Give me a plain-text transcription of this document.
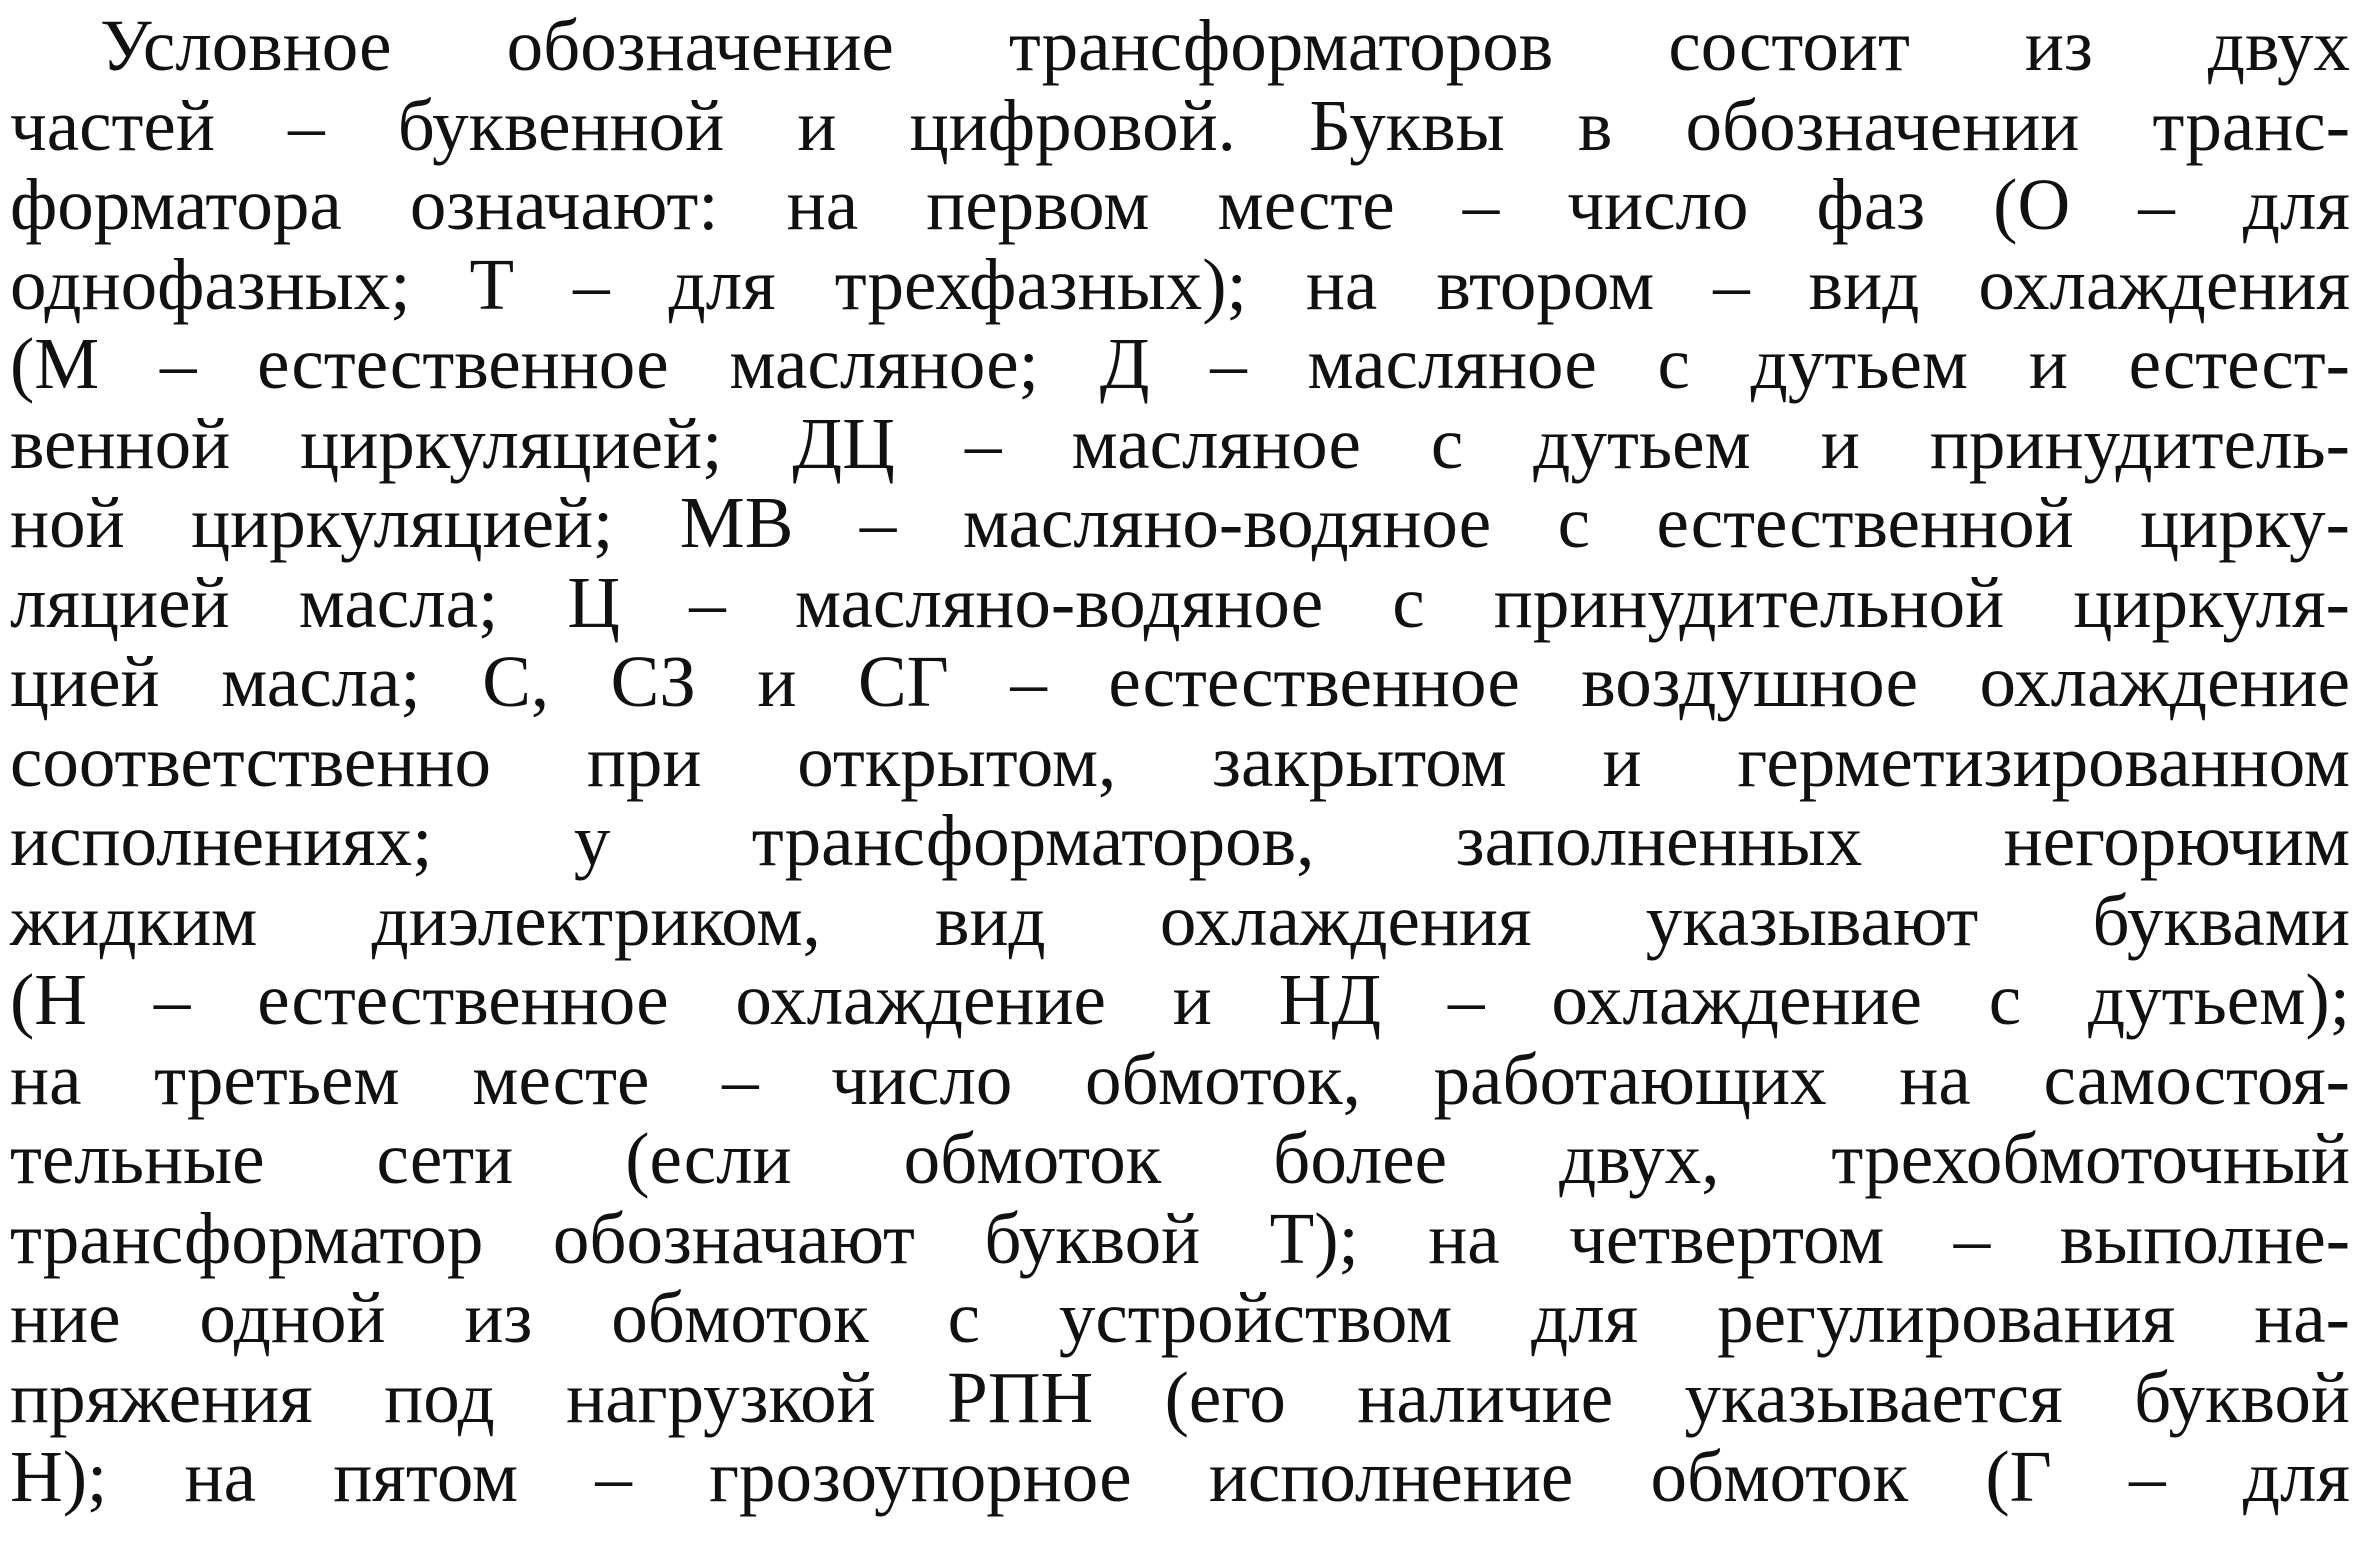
Условное обозначение трансформаторов состоит из двух
частей – буквенной и цифровой. Буквы в обозначении транс-
форматора означают: на первом месте – число фаз (О – для
однофазных; Т – для трехфазных); на втором – вид охлаждения
(М – естественное масляное; Д – масляное с дутьем и естест-
венной циркуляцией; ДЦ – масляное с дутьем и принудитель-
ной циркуляцией; МВ – масляно-водяное с естественной цирку-
ляцией масла; Ц – масляно-водяное с принудительной циркуля-
цией масла; С, СЗ и СГ – естественное воздушное охлаждение
соответственно при открытом, закрытом и герметизированном
исполнениях; у трансформаторов, заполненных негорючим
жидким диэлектриком, вид охлаждения указывают буквами
(Н – естественное охлаждение и НД – охлаждение с дутьем);
на третьем месте – число обмоток, работающих на самостоя-
тельные сети (если обмоток более двух, трехобмоточный
трансформатор обозначают буквой Т); на четвертом – выполне-
ние одной из обмоток с устройством для регулирования на-
пряжения под нагрузкой РПН (его наличие указывается буквой
Н); на пятом – грозоупорное исполнение обмоток (Г – для
